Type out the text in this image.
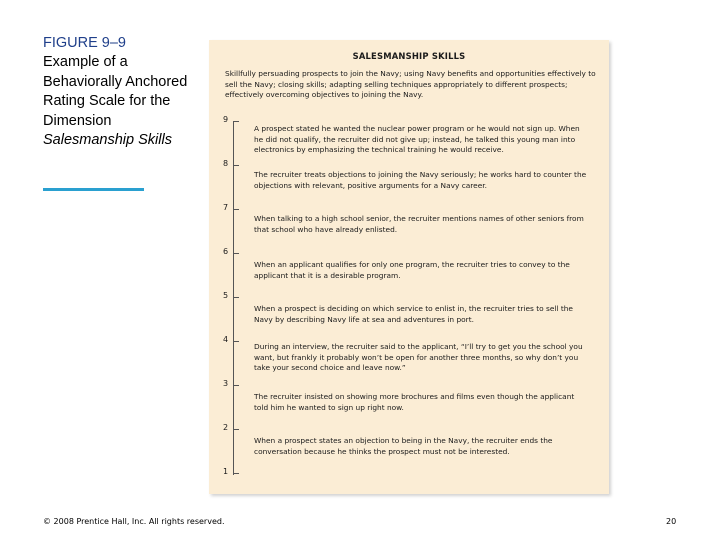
FIGURE 9–9
Example of a Behaviorally Anchored Rating Scale for the Dimension
Salesmanship Skills
SALESMANSHIP SKILLS
Skillfully persuading prospects to join the Navy; using Navy benefits and opportunities effectively to sell the Navy; closing skills; adapting selling techniques appropriately to different prospects; effectively overcoming objectives to joining the Navy.
9
8
7
6
5
4
3
2
1
A prospect stated he wanted the nuclear power program or he would not sign up. When he did not qualify, the recruiter did not give up; instead, he talked this young man into electronics by emphasizing the technical training he would receive.
The recruiter treats objections to joining the Navy seriously; he works hard to counter the objections with relevant, positive arguments for a Navy career.
When talking to a high school senior, the recruiter mentions names of other seniors from that school who have already enlisted.
When an applicant qualifies for only one program, the recruiter tries to convey to the applicant that it is a desirable program.
When a prospect is deciding on which service to enlist in, the recruiter tries to sell the Navy by describing Navy life at sea and adventures in port.
During an interview, the recruiter said to the applicant, “I’ll try to get you the school you want, but frankly it probably won’t be open for another three months, so why don’t you take your second choice and leave now.”
The recruiter insisted on showing more brochures and films even though the applicant told him he wanted to sign up right now.
When a prospect states an objection to being in the Navy, the recruiter ends the conversation because he thinks the prospect must not be interested.
© 2008 Prentice Hall, Inc. All rights reserved.	20
